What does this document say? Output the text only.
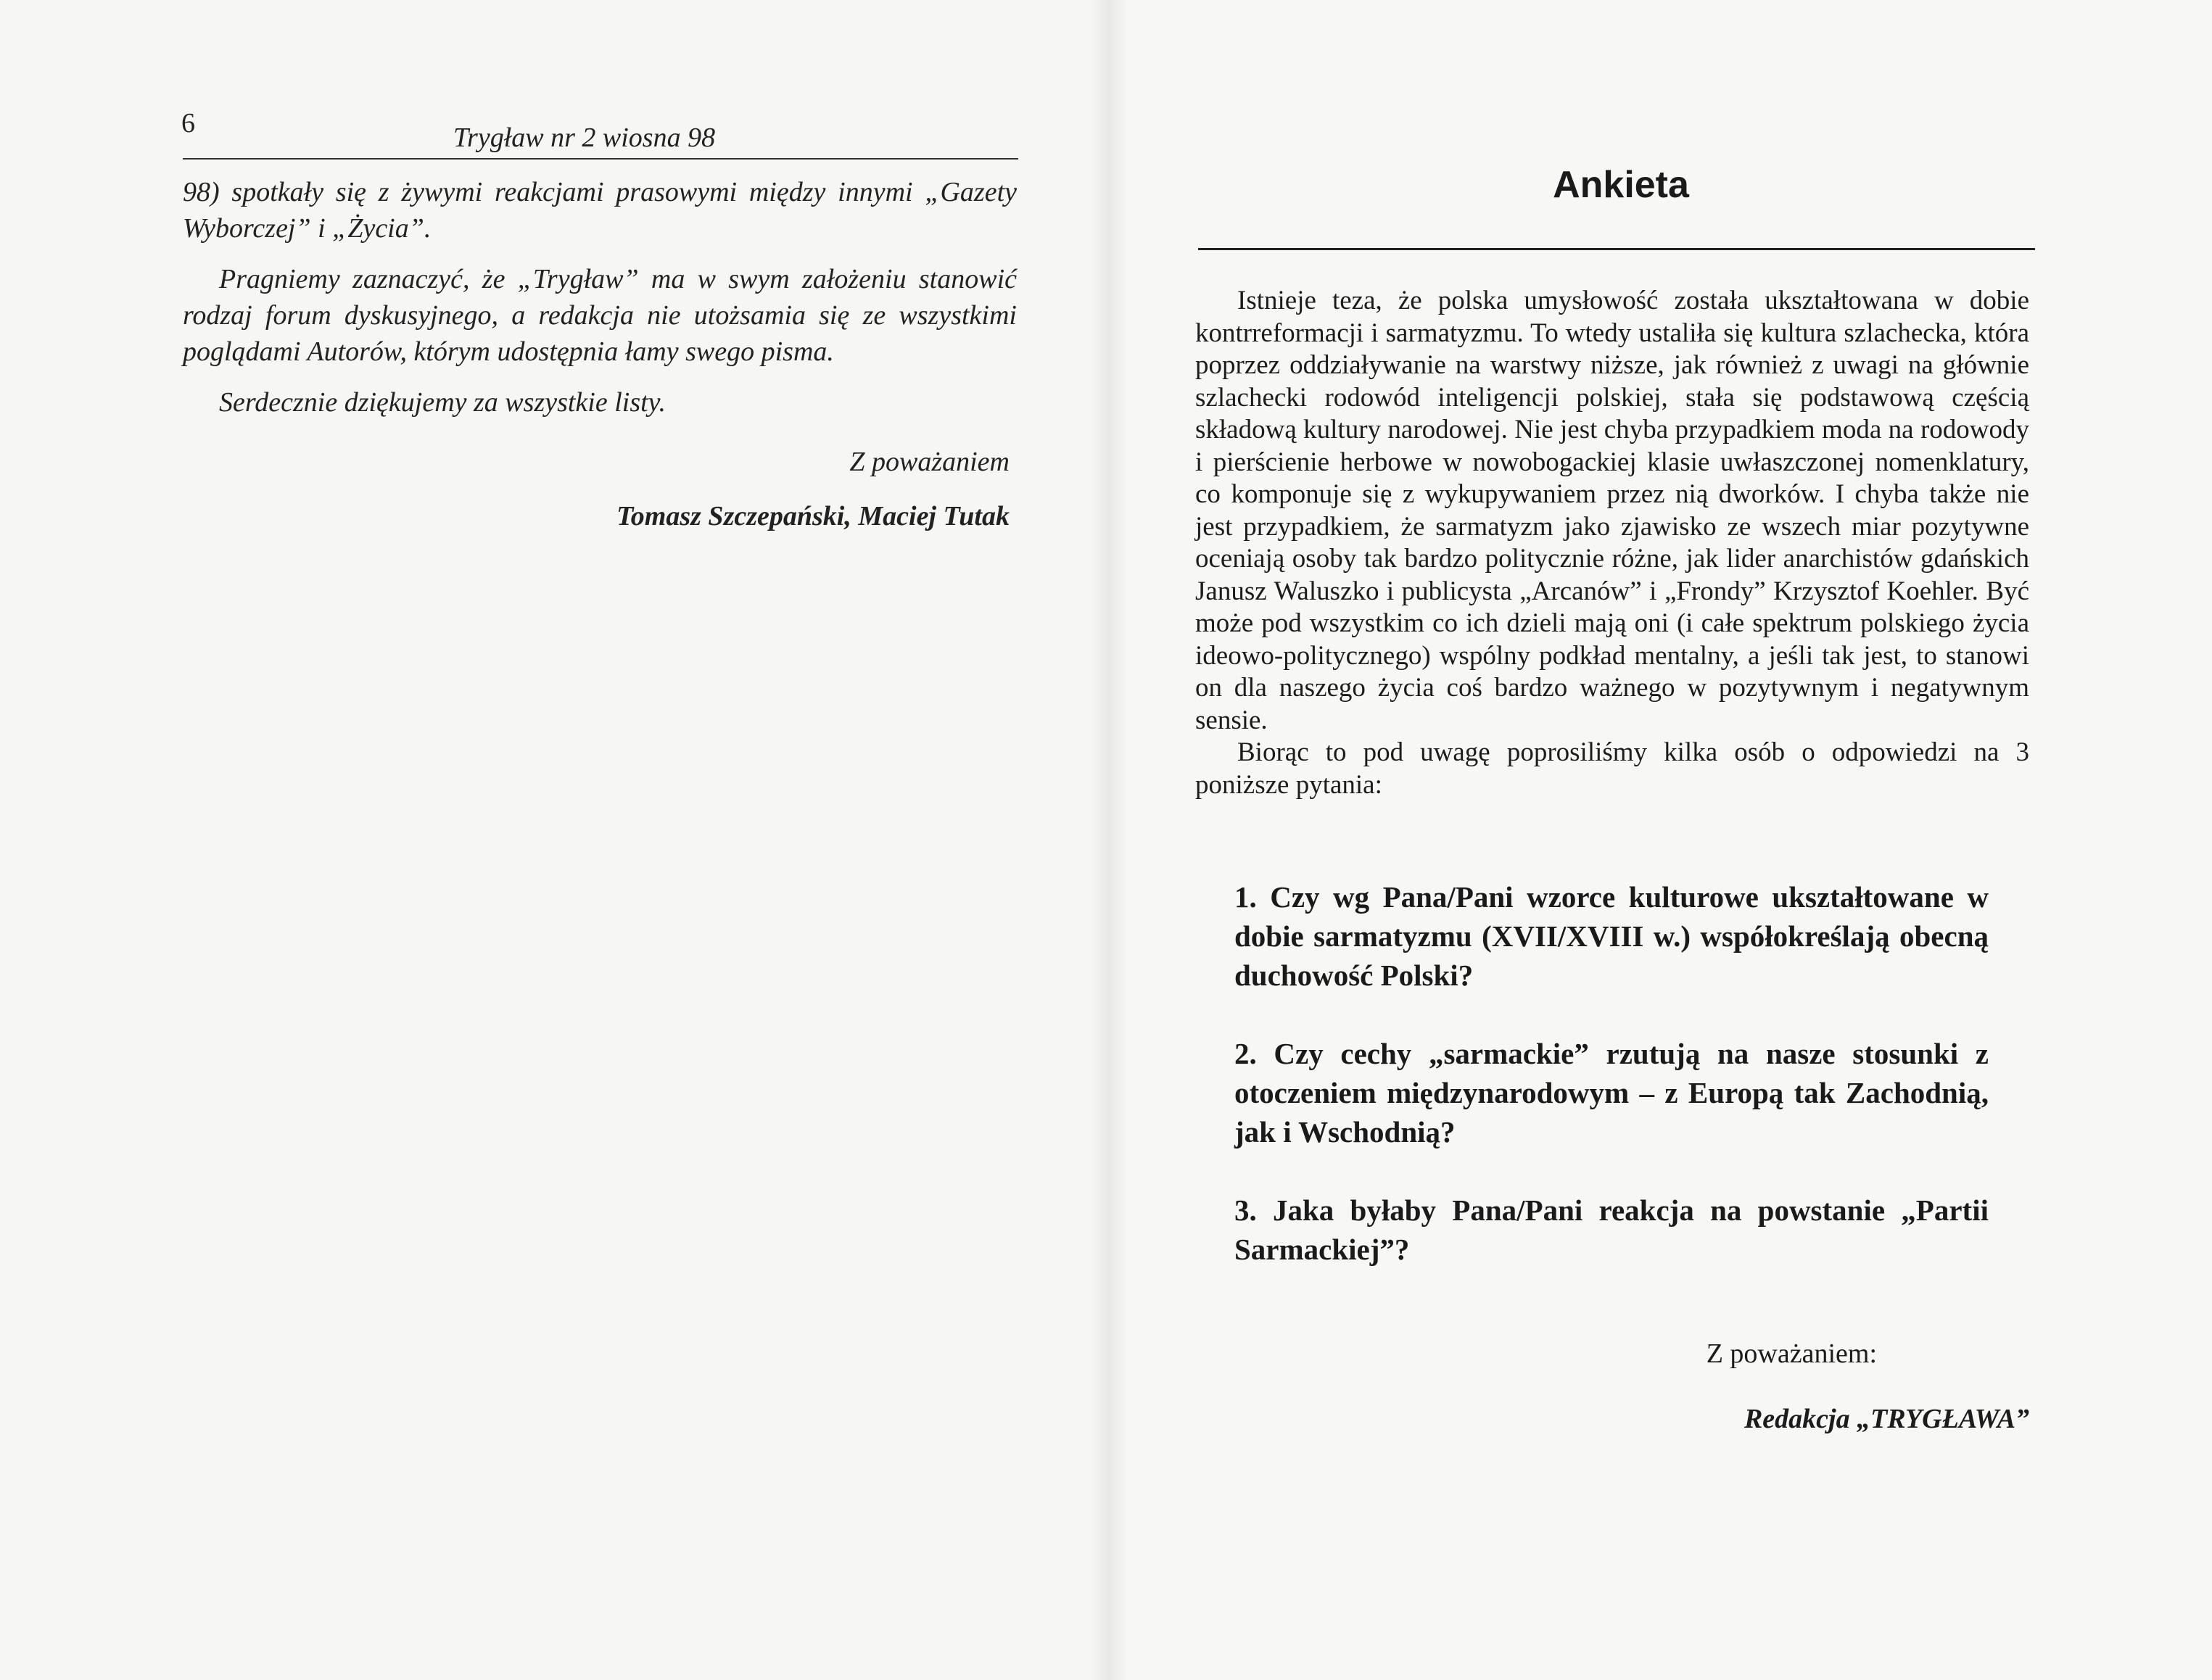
6	Trygław nr 2 wiosna 98

98) spotkały się z żywymi reakcjami prasowymi między innymi „Gazety Wyborczej” i „Życia”.

Pragniemy zaznaczyć, że „Trygław” ma w swym założeniu stanowić rodzaj forum dyskusyjnego, a redakcja nie utożsamia się ze wszystkimi poglądami Autorów, którym udostępnia łamy swego pisma.

Serdecznie dziękujemy za wszystkie listy.

Z poważaniem
Tomasz Szczepański, Maciej Tutak
Ankieta

Istnieje teza, że polska umysłowość została ukształtowana w dobie kontrreformacji i sarmatyzmu. To wtedy ustaliła się kultura szlachecka, która poprzez oddziaływanie na warstwy niższe, jak również z uwagi na głównie szlachecki rodowód inteligencji polskiej, stała się podstawową częścią składową kultury narodowej. Nie jest chyba przypadkiem moda na rodowody i pierścienie herbowe w nowobogackiej klasie uwłaszczonej nomenklatury, co komponuje się z wykupywaniem przez nią dworków. I chyba także nie jest przypadkiem, że sarmatyzm jako zjawisko ze wszech miar pozytywne oceniają osoby tak bardzo politycznie różne, jak lider anarchistów gdańskich Janusz Waluszko i publicysta „Arcanów” i „Frondy” Krzysztof Koehler. Być może pod wszystkim co ich dzieli mają oni (i całe spektrum polskiego życia ideowo-politycznego) wspólny podkład mentalny, a jeśli tak jest, to stanowi on dla naszego życia coś bardzo ważnego w pozytywnym i negatywnym sensie.

Biorąc to pod uwagę poprosiliśmy kilka osób o odpowiedzi na 3 poniższe pytania:

1. Czy wg Pana/Pani wzorce kulturowe ukształtowane w dobie sarmatyzmu (XVII/XVIII w.) współokreślają obecną duchowość Polski?

2. Czy cechy „sarmackie” rzutują na nasze stosunki z otoczeniem międzynarodowym – z Europą tak Zachodnią, jak i Wschodnią?

3. Jaka byłaby Pana/Pani reakcja na powstanie „Partii Sarmackiej”?

Z poważaniem:
Redakcja „TRYGŁAWA”
